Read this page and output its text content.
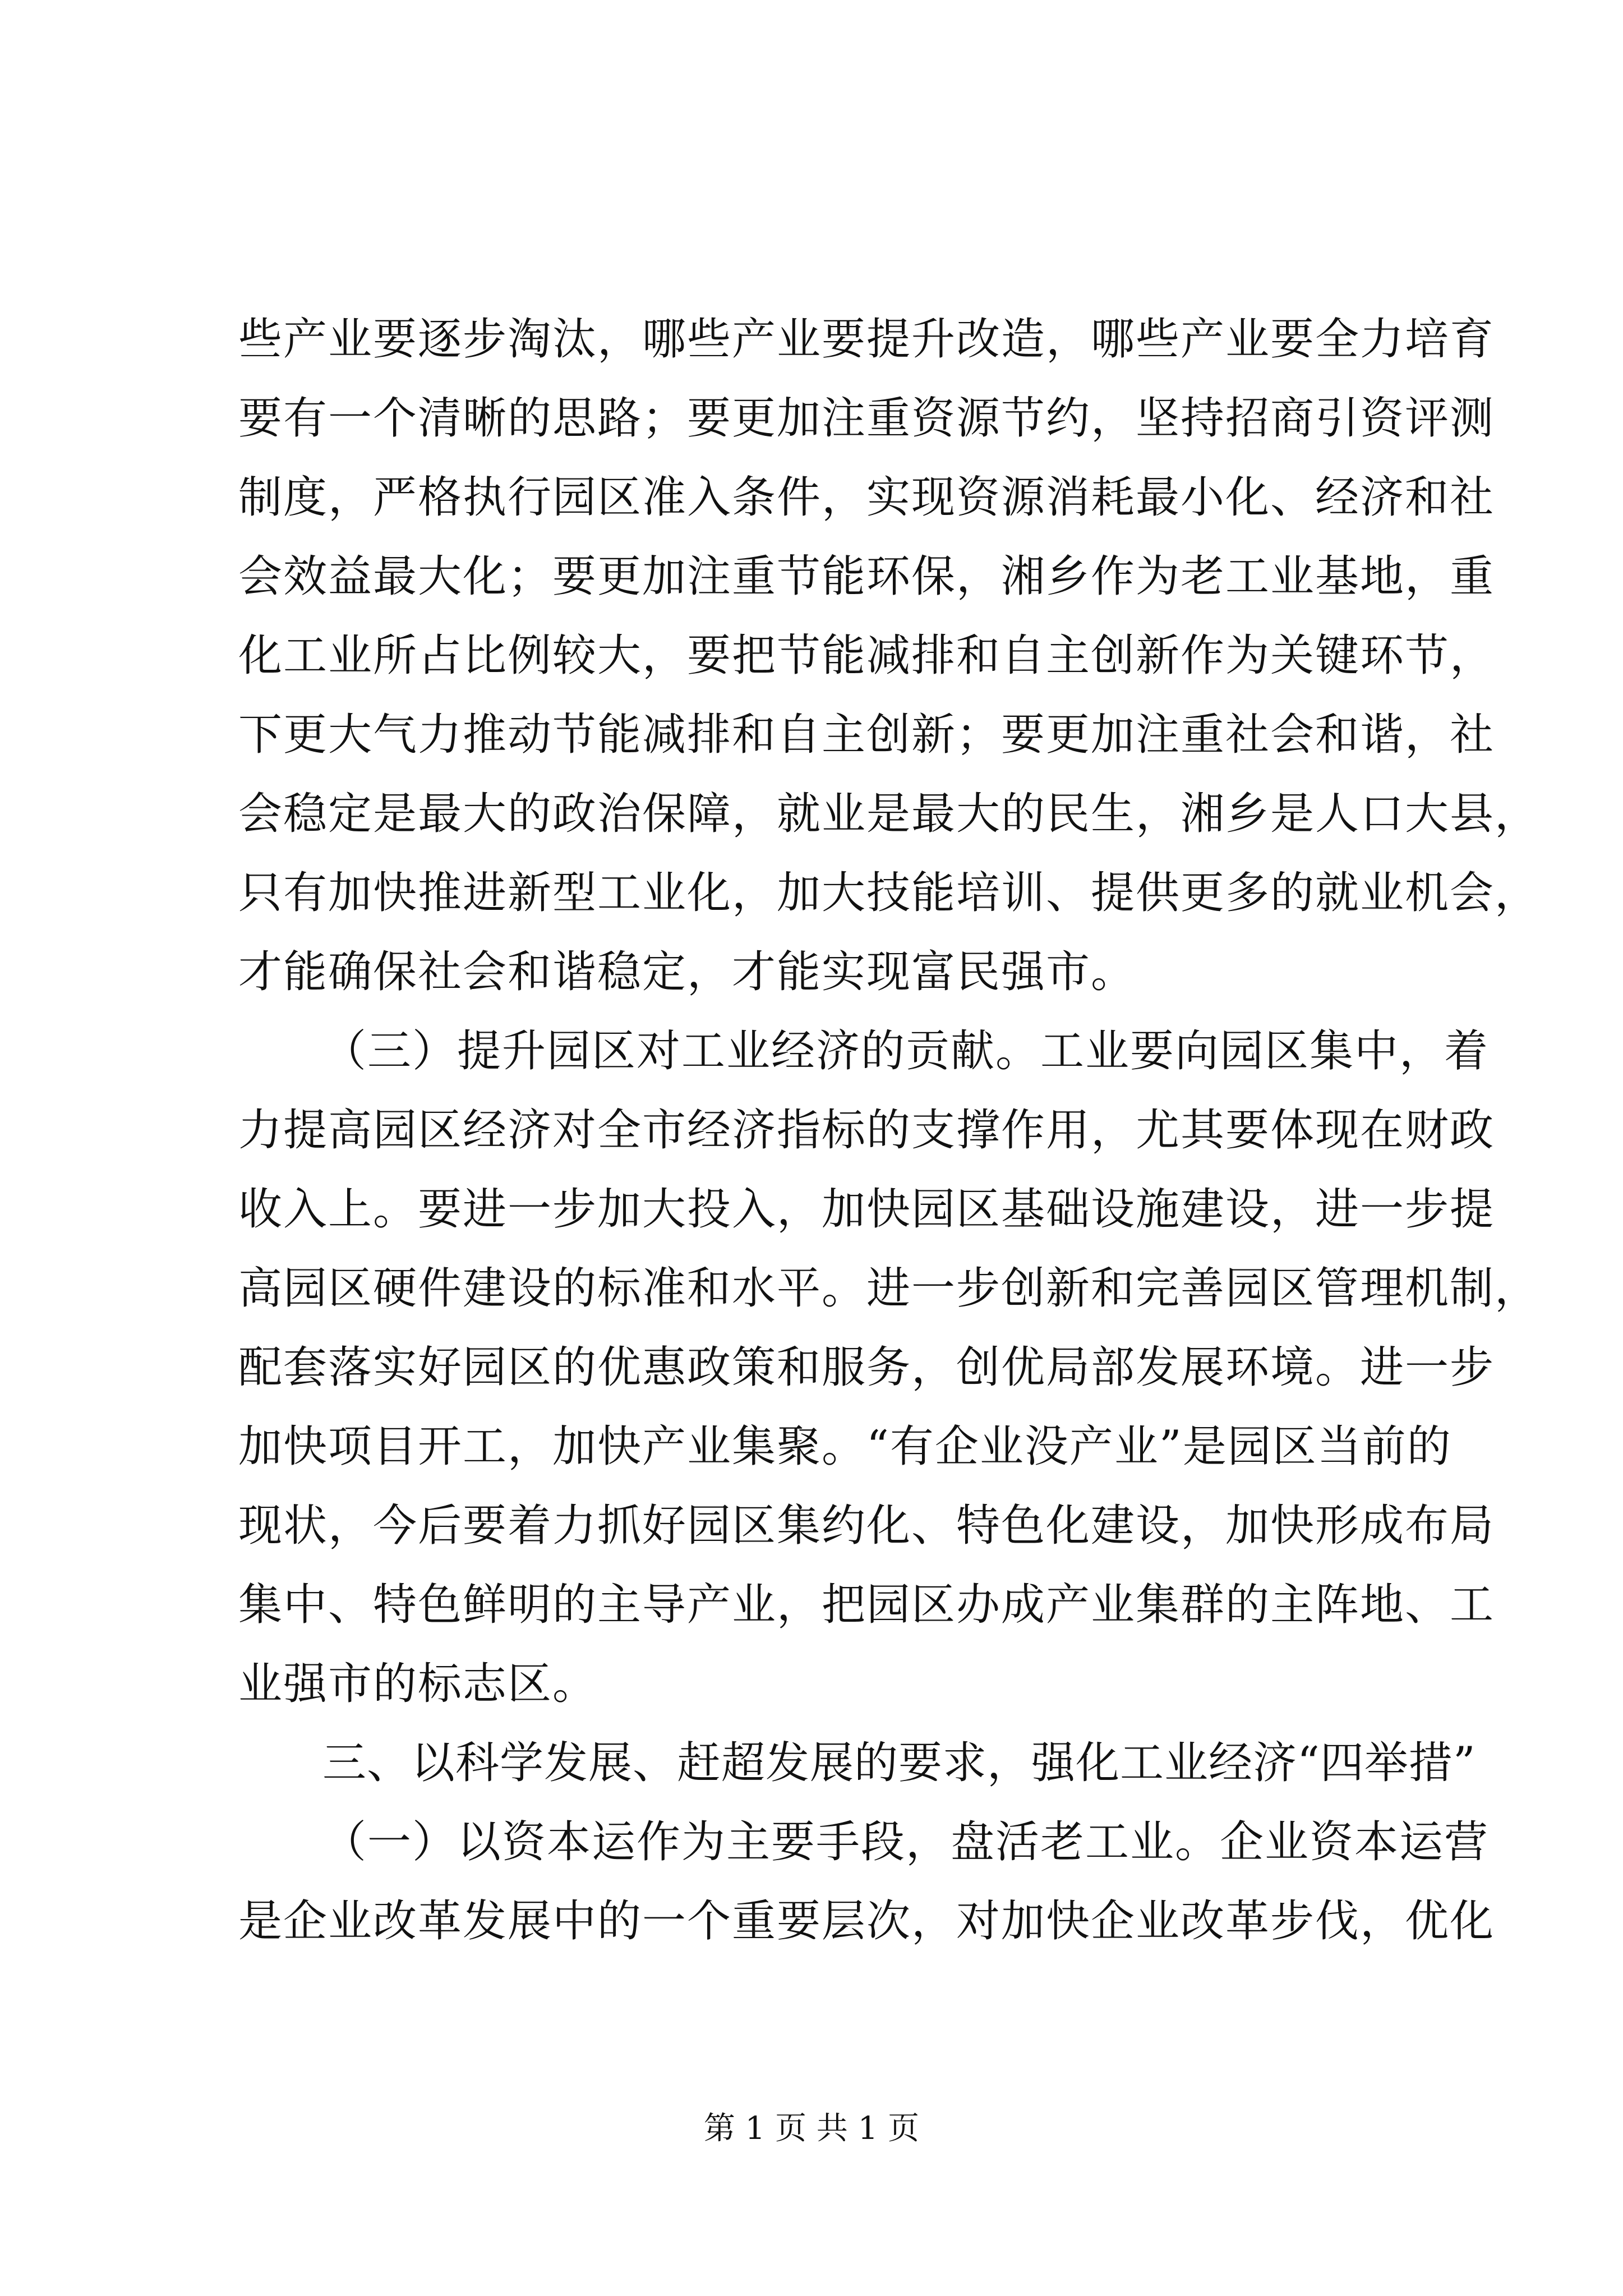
些产业要逐步淘汰，哪些产业要提升改造，哪些产业要全力培育
要有一个清晰的思路；要更加注重资源节约，坚持招商引资评测
制度，严格执行园区准入条件，实现资源消耗最小化、经济和社
会效益最大化；要更加注重节能环保，湘乡作为老工业基地，重
化工业所占比例较大，要把节能减排和自主创新作为关键环节，
下更大气力推动节能减排和自主创新；要更加注重社会和谐，社
会稳定是最大的政治保障，就业是最大的民生，湘乡是人口大县，
只有加快推进新型工业化，加大技能培训、提供更多的就业机会，
才能确保社会和谐稳定，才能实现富民强市。
（三）提升园区对工业经济的贡献。工业要向园区集中，着
力提高园区经济对全市经济指标的支撑作用，尤其要体现在财政
收入上。要进一步加大投入，加快园区基础设施建设，进一步提
高园区硬件建设的标准和水平。进一步创新和完善园区管理机制，
配套落实好园区的优惠政策和服务，创优局部发展环境。进一步
加快项目开工，加快产业集聚。“有企业没产业”是园区当前的
现状，今后要着力抓好园区集约化、特色化建设，加快形成布局
集中、特色鲜明的主导产业，把园区办成产业集群的主阵地、工
业强市的标志区。
三、以科学发展、赶超发展的要求，强化工业经济“四举措”
（一）以资本运作为主要手段，盘活老工业。企业资本运营
是企业改革发展中的一个重要层次，对加快企业改革步伐，优化
第 1 页 共 1 页
